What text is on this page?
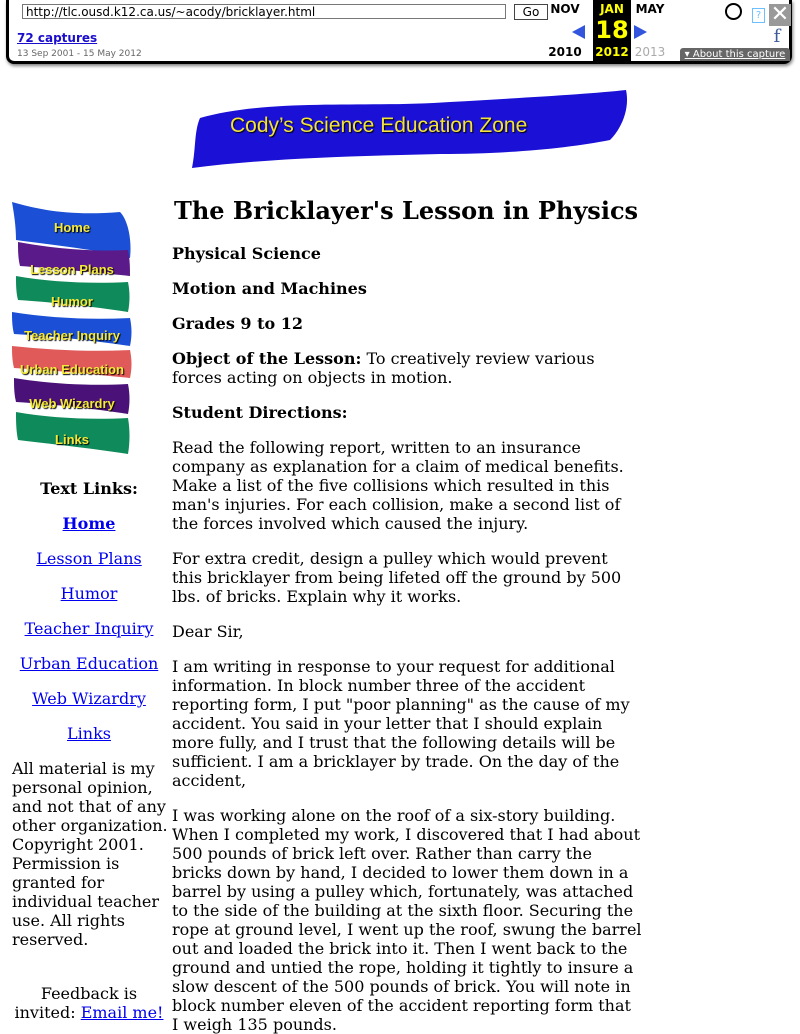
http://tlc.ousd.k12.ca.us/~acody/bricklayer.html	Go
72 captures
13 Sep 2001 - 15 May 2012
NOV
2010
JAN
18
2012
MAY
2013
? ✕
f
▾ About this capture
Cody’s Science Education Zone
Home
Lesson Plans
Humor
Teacher Inquiry
Urban Education
Web Wizardry
Links
Text Links:
Home
Lesson Plans
Humor
Teacher Inquiry
Urban Education
Web Wizardry
Links
All material is my personal opinion, and not that of any other organization. Copyright 2001. Permission is granted for individual teacher use. All rights reserved.
Feedback is invited: Email me!
The Bricklayer's Lesson in Physics

Physical Science

Motion and Machines

Grades 9 to 12

Object of the Lesson: To creatively review various forces acting on objects in motion.

Student Directions:

Read the following report, written to an insurance company as explanation for a claim of medical benefits. Make a list of the five collisions which resulted in this man's injuries. For each collision, make a second list of the forces involved which caused the injury.

For extra credit, design a pulley which would prevent this bricklayer from being lifeted off the ground by 500 lbs. of bricks. Explain why it works.

Dear Sir,

I am writing in response to your request for additional information. In block number three of the accident reporting form, I put "poor planning" as the cause of my accident. You said in your letter that I should explain more fully, and I trust that the following details will be sufficient. I am a bricklayer by trade. On the day of the accident,

I was working alone on the roof of a six-story building. When I completed my work, I discovered that I had about 500 pounds of brick left over. Rather than carry the bricks down by hand, I decided to lower them down in a barrel by using a pulley which, fortunately, was attached to the side of the building at the sixth floor. Securing the rope at ground level, I went up the roof, swung the barrel out and loaded the brick into it. Then I went back to the ground and untied the rope, holding it tightly to insure a slow descent of the 500 pounds of brick. You will note in block number eleven of the accident reporting form that I weigh 135 pounds.
